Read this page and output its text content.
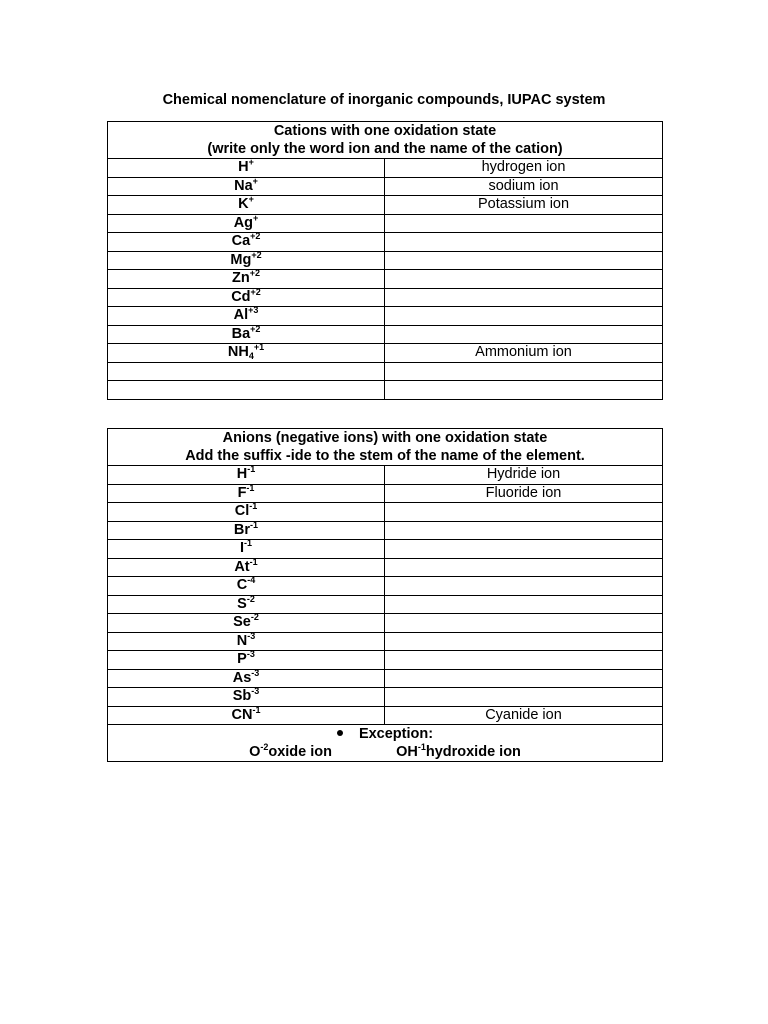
Chemical nomenclature of inorganic compounds, IUPAC system
Cations with one oxidation state
(write only the word ion and the name of the cation)	

H+	hydrogen ion
Na+	sodium ion
K+	Potassium ion
Ag+	
$Ca^{+2}$	
$Mg^{+2}$	
$Zn^{+2}$	
$Cd^{+2}$	
$Al^{+3}$	
$Ba^{+2}$	
$NH_4^{+1}$	Ammonium ion

Anions (negative ions) with one oxidation state
Add the suffix -ide to the stem of the name of the element.	

$H^{-1}$	Hydride ion
$F^{-1}$	Fluoride ion
$Cl^{-1}$	
$Br^{-1}$	
$I^{-1}$	
$At^{-1}$	
$C^{-4}$	
$S^{-2}$	
$Se^{-2}$	
$N^{-3}$	
$P^{-3}$	
$As^{-3}$	
$Sb^{-3}$	
$CN^{-1}$	Cyanide ion

Exception:
$O^{-2}oxide$ ion $OH^{-1}hydroxide$ ion	
